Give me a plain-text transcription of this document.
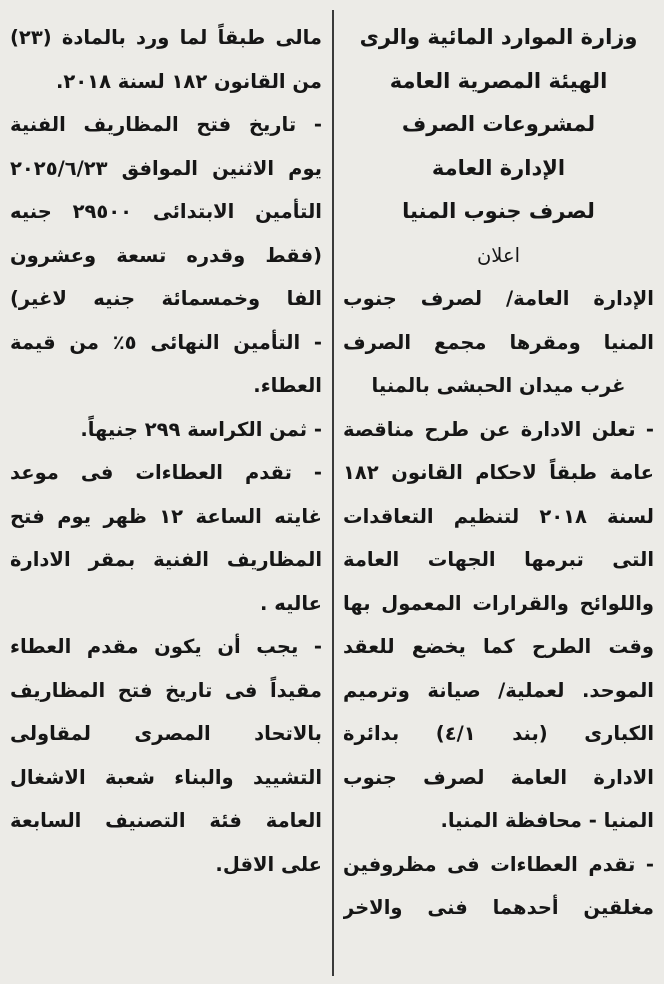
وزارة الموارد المائية والرى
الهيئة المصرية العامة
لمشروعات الصرف
الإدارة العامة
لصرف جنوب المنيا
اعلان
الإدارة العامة/ لصرف جنوب
المنيا ومقرها مجمع الصرف
غرب ميدان الحبشى بالمنيا
- تعلن الادارة عن طرح مناقصة
عامة طبقاً لاحكام القانون ١٨٢
لسنة ٢٠١٨ لتنظيم التعاقدات
التى تبرمها الجهات العامة
واللوائح والقرارات المعمول بها
وقت الطرح كما يخضع للعقد
الموحد. لعملية/ صيانة وترميم
الكبارى (بند ٤/١) بدائرة
الادارة العامة لصرف جنوب
المنيا - محافظة المنيا.
- تقدم العطاءات فى مظروفين
مغلقين أحدهما فنى والاخر
مالى طبقاً لما ورد بالمادة (٢٣)
من القانون ١٨٢ لسنة ٢٠١٨.
- تاريخ فتح المظاريف الفنية
يوم الاثنين الموافق ٢٠٢٥/٦/٢٣
التأمين الابتدائى ٢٩٥٠٠ جنيه
(فقط وقدره تسعة وعشرون
الفا وخمسمائة جنيه لاغير)
- التأمين النهائى ٥٪ من قيمة
العطاء.
- ثمن الكراسة ٢٩٩ جنيهاً.
- تقدم العطاءات فى موعد
غايته الساعة ١٢ ظهر يوم فتح
المظاريف الفنية بمقر الادارة
عاليه .
- يجب أن يكون مقدم العطاء
مقيداً فى تاريخ فتح المظاريف
بالاتحاد المصرى لمقاولى
التشييد والبناء شعبة الاشغال
العامة فئة التصنيف السابعة
على الاقل.
